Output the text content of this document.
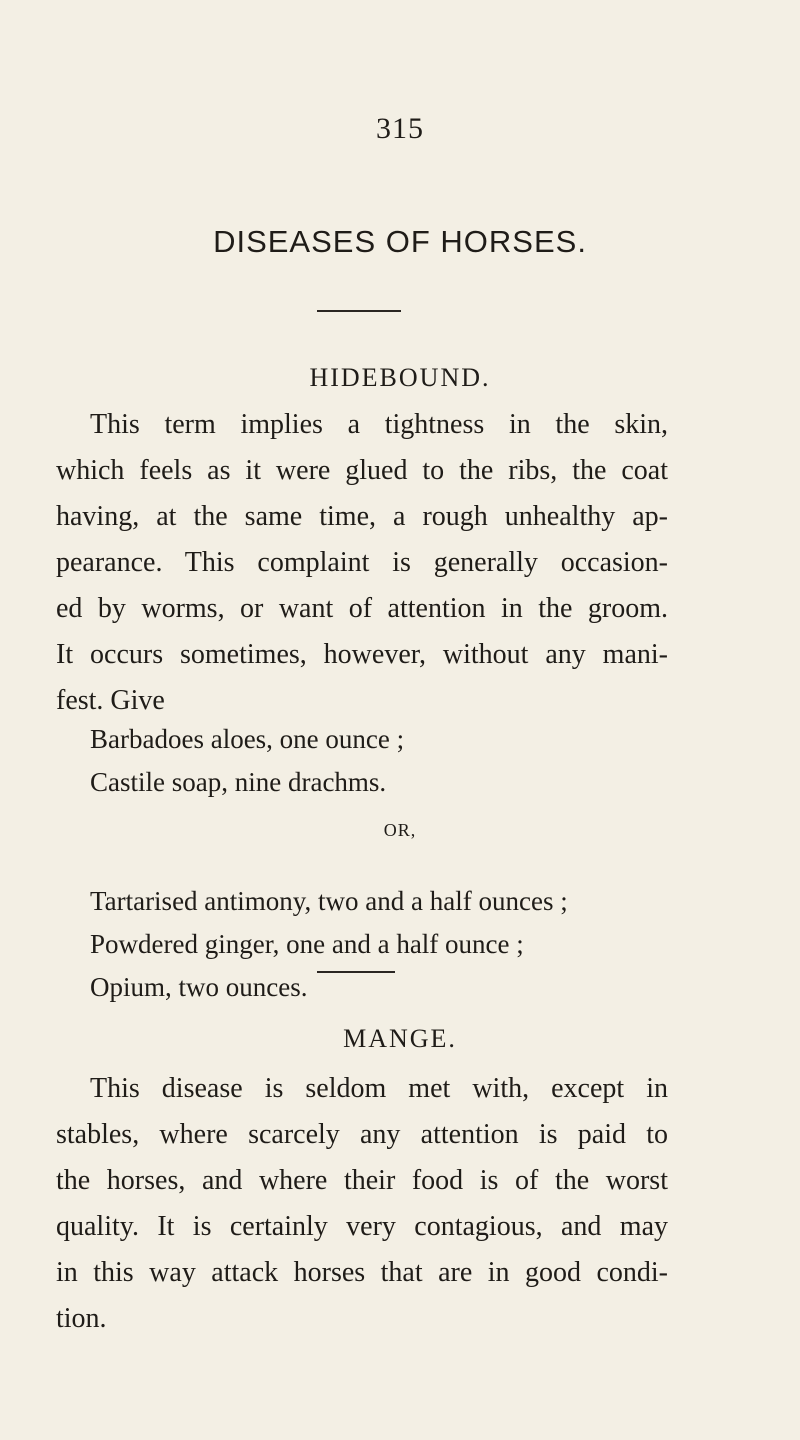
315
DISEASES OF HORSES.
HIDEBOUND.
This term implies a tightness in the skin,
which feels as it were glued to the ribs, the coat
having, at the same time, a rough unhealthy ap-
pearance. This complaint is generally occasion-
ed by worms, or want of attention in the groom.
It occurs sometimes, however, without any mani-
fest. Give
Barbadoes aloes, one ounce ;
Castile soap, nine drachms.
OR,
Tartarised antimony, two and a half ounces ;
Powdered ginger, one and a half ounce ;
Opium, two ounces.
MANGE.
This disease is seldom met with, except in
stables, where scarcely any attention is paid to
the horses, and where their food is of the worst
quality. It is certainly very contagious, and may
in this way attack horses that are in good condi-
tion.
